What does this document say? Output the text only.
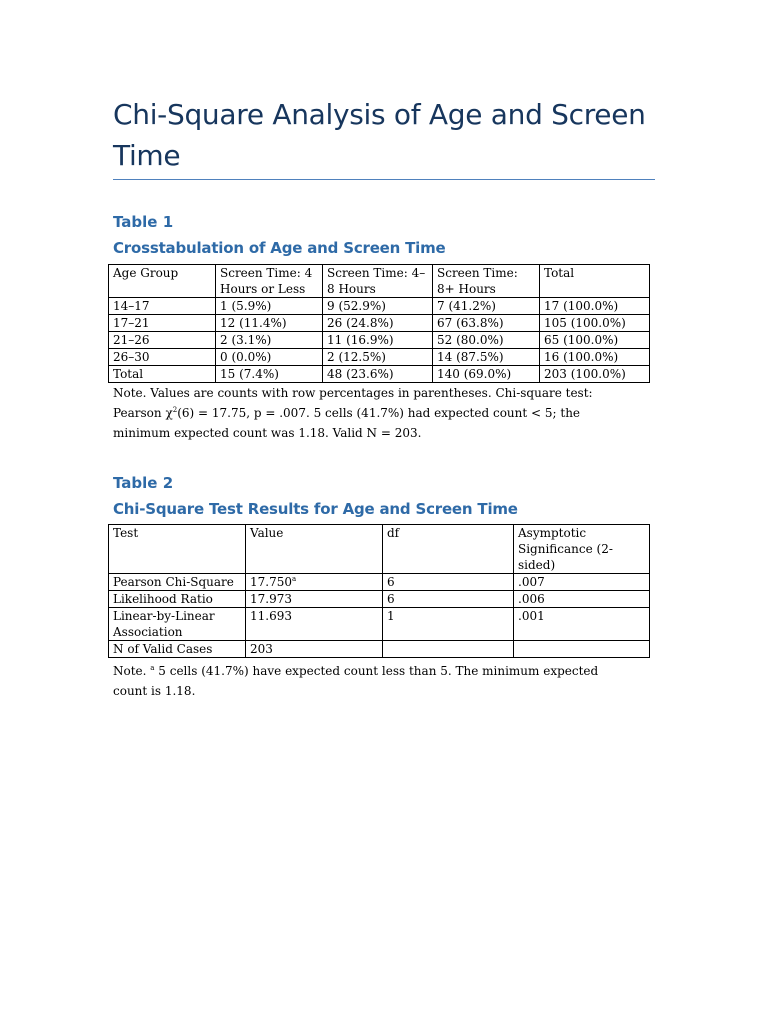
Chi-Square Analysis of Age and Screen Time

Table 1

Crosstabulation of Age and Screen Time

Age Group	Screen Time: 4 Hours or Less	Screen Time: 4–8 Hours	Screen Time: 8+ Hours	Total
14–17	1 (5.9%)	9 (52.9%)	7 (41.2%)	17 (100.0%)
17–21	12 (11.4%)	26 (24.8%)	67 (63.8%)	105 (100.0%)
21–26	2 (3.1%)	11 (16.9%)	52 (80.0%)	65 (100.0%)
26–30	0 (0.0%)	2 (12.5%)	14 (87.5%)	16 (100.0%)
Total	15 (7.4%)	48 (23.6%)	140 (69.0%)	203 (100.0%)

Note. Values are counts with row percentages in parentheses. Chi-square test: Pearson $\chi^2(6) = 17.75$, p = .007. 5 cells (41.7%) had expected count < 5; the minimum expected count was 1.18. Valid N = 203.

Table 2

Chi-Square Test Results for Age and Screen Time

Test	Value	df	Asymptotic Significance (2-sided)
Pearson Chi-Square	17.750$^a$	6	.007
Likelihood Ratio	17.973	6	.006
Linear-by-Linear Association	11.693	1	.001
N of Valid Cases	203		

Note. $^a$ 5 cells (41.7%) have expected count less than 5. The minimum expected count is 1.18.
